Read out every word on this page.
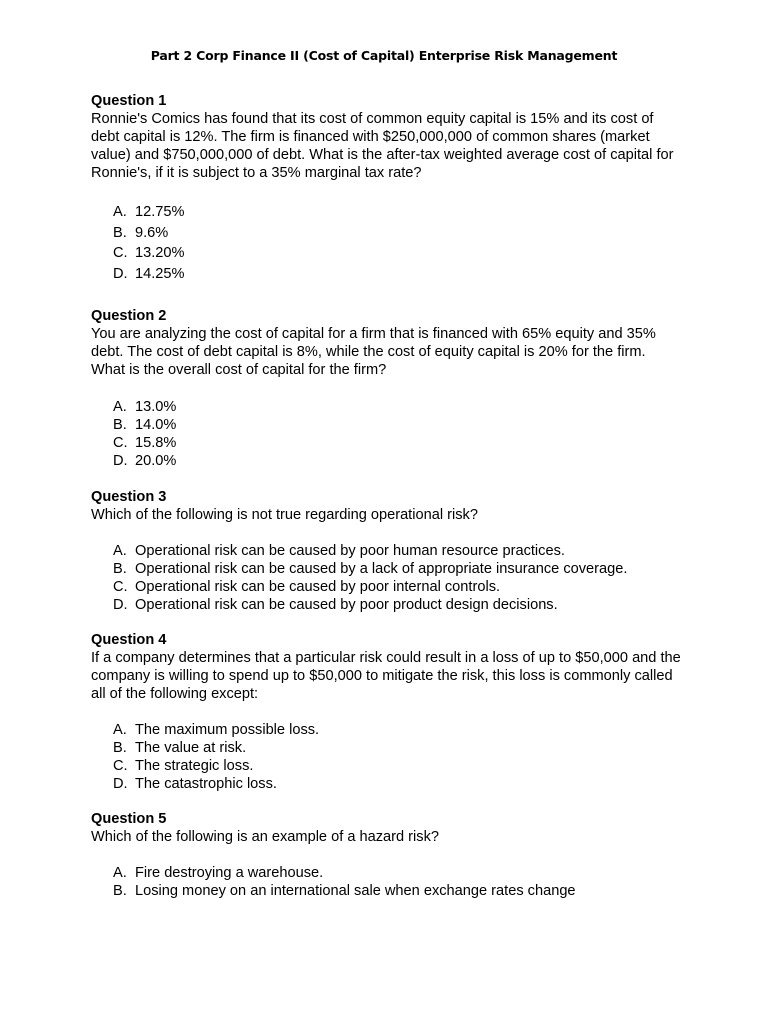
Part 2 Corp Finance II (Cost of Capital) Enterprise Risk Management

Question 1

Ronnie's Comics has found that its cost of common equity capital is 15% and its cost of debt capital is 12%. The firm is financed with $250,000,000 of common shares (market value) and $750,000,000 of debt. What is the after-tax weighted average cost of capital for Ronnie's, if it is subject to a 35% marginal tax rate?

A. 12.75%
B. 9.6%
C. 13.20%
D. 14.25%

Question 2

You are analyzing the cost of capital for a firm that is financed with 65% equity and 35% debt. The cost of debt capital is 8%, while the cost of equity capital is 20% for the firm. What is the overall cost of capital for the firm?

A. 13.0%
B. 14.0%
C. 15.8%
D. 20.0%

Question 3

Which of the following is not true regarding operational risk?

A. Operational risk can be caused by poor human resource practices.
B. Operational risk can be caused by a lack of appropriate insurance coverage.
C. Operational risk can be caused by poor internal controls.
D. Operational risk can be caused by poor product design decisions.

Question 4

If a company determines that a particular risk could result in a loss of up to $50,000 and the company is willing to spend up to $50,000 to mitigate the risk, this loss is commonly called all of the following except:

A. The maximum possible loss.
B. The value at risk.
C. The strategic loss.
D. The catastrophic loss.

Question 5

Which of the following is an example of a hazard risk?

A. Fire destroying a warehouse.
B. Losing money on an international sale when exchange rates change
